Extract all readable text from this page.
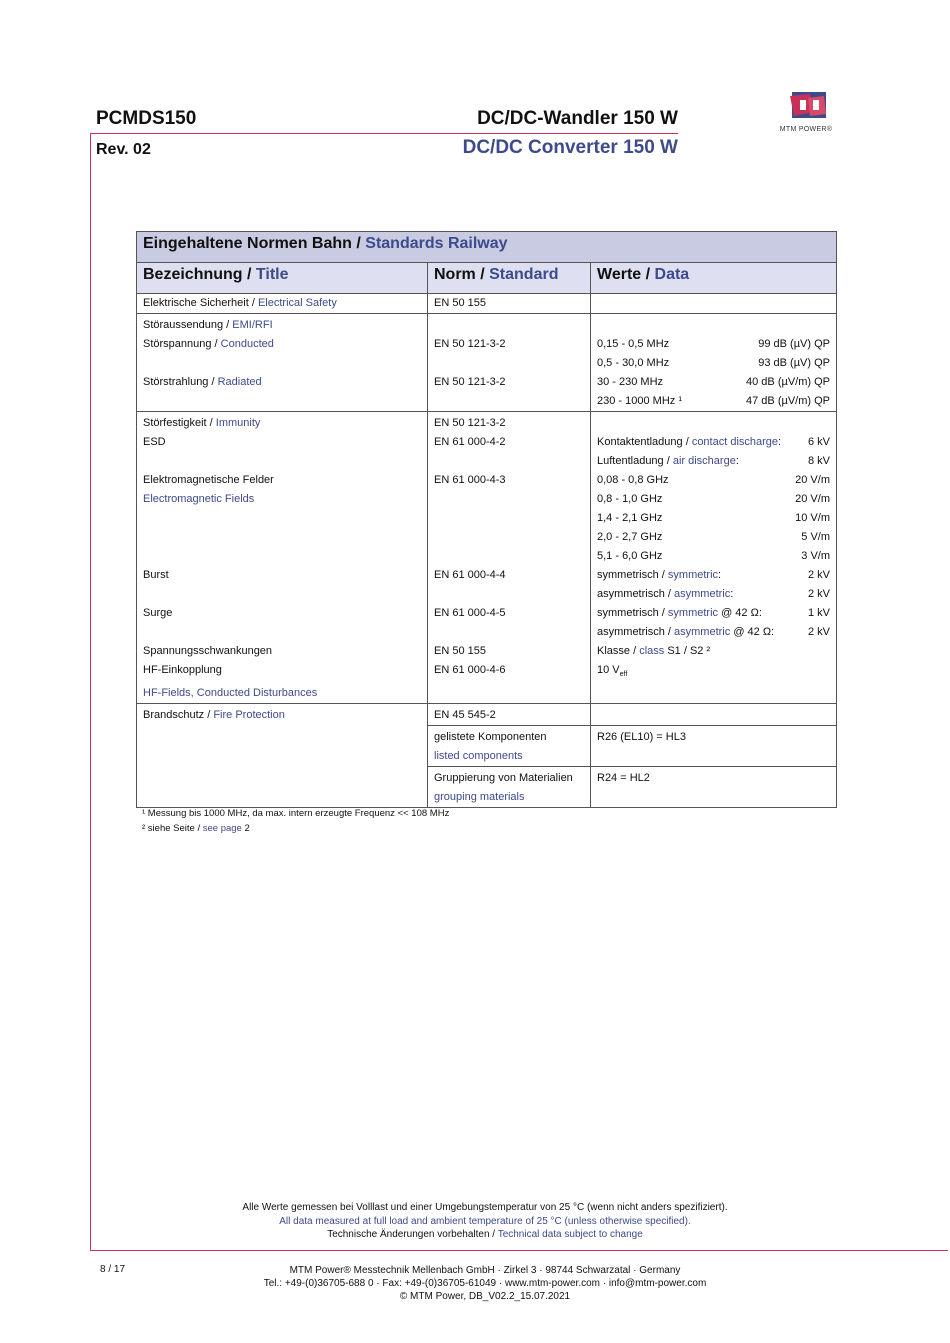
PCMDS150
Rev. 02
DC/DC-Wandler 150 W
DC/DC Converter 150 W
MTM POWER®
Eingehaltene Normen Bahn / Standards Railway		
Bezeichnung / Title	Norm / Standard	Werte / Data
Elektrische Sicherheit / Electrical Safety	EN 50 155	
Störaussendung / EMI/RFI		
Störspannung / Conducted	EN 50 121-3-2	0,15 - 0,5 MHz 99 dB (µV) QP

		0,5 - 30,0 MHz 93 dB (µV) QP

Störstrahlung / Radiated	EN 50 121-3-2	30 - 230 MHz 40 dB (µV/m) QP

		230 - 1000 MHz ¹ 47 dB (µV/m) QP

Störfestigkeit / Immunity	EN 50 121-3-2	
ESD	EN 61 000-4-2	Kontaktentladung / contact discharge: 6 kV

		Luftentladung / air discharge: 8 kV

Elektromagnetische Felder	EN 61 000-4-3	0,08 - 0,8 GHz 20 V/m

Electromagnetic Fields		0,8 - 1,0 GHz 20 V/m

		1,4 - 2,1 GHz 10 V/m

		2,0 - 2,7 GHz 5 V/m

		5,1 - 6,0 GHz 3 V/m

Burst	EN 61 000-4-4	symmetrisch / symmetric: 2 kV

		asymmetrisch / asymmetric: 2 kV

Surge	EN 61 000-4-5	symmetrisch / symmetric @ 42 Ω: 1 kV

		asymmetrisch / asymmetric @ 42 Ω: 2 kV

Spannungsschwankungen	EN 50 155	Klasse / class S1 / S2 ²
HF-Einkopplung	EN 61 000-4-6	10 $V_{eff}$
HF-Fields, Conducted Disturbances		
Brandschutz / Fire Protection	EN 45 545-2	
	gelistete Komponenten	R26 (EL10) = HL3
	listed components	
	Gruppierung von Materialien	R24 = HL2
	grouping materials	
¹ Messung bis 1000 MHz, da max. intern erzeugte Frequenz << 108 MHz
² siehe Seite / see page 2
Alle Werte gemessen bei Volllast und einer Umgebungstemperatur von 25 °C (wenn nicht anders spezifiziert).
All data measured at full load and ambient temperature of 25 °C (unless otherwise specified).
Technische Änderungen vorbehalten / Technical data subject to change
8 / 17	MTM Power® Messtechnik Mellenbach GmbH · Zirkel 3 · 98744 Schwarzatal · Germany
Tel.: +49-(0)36705-688 0 · Fax: +49-(0)36705-61049 · www.mtm-power.com · info@mtm-power.com
© MTM Power, DB_V02.2_15.07.2021
